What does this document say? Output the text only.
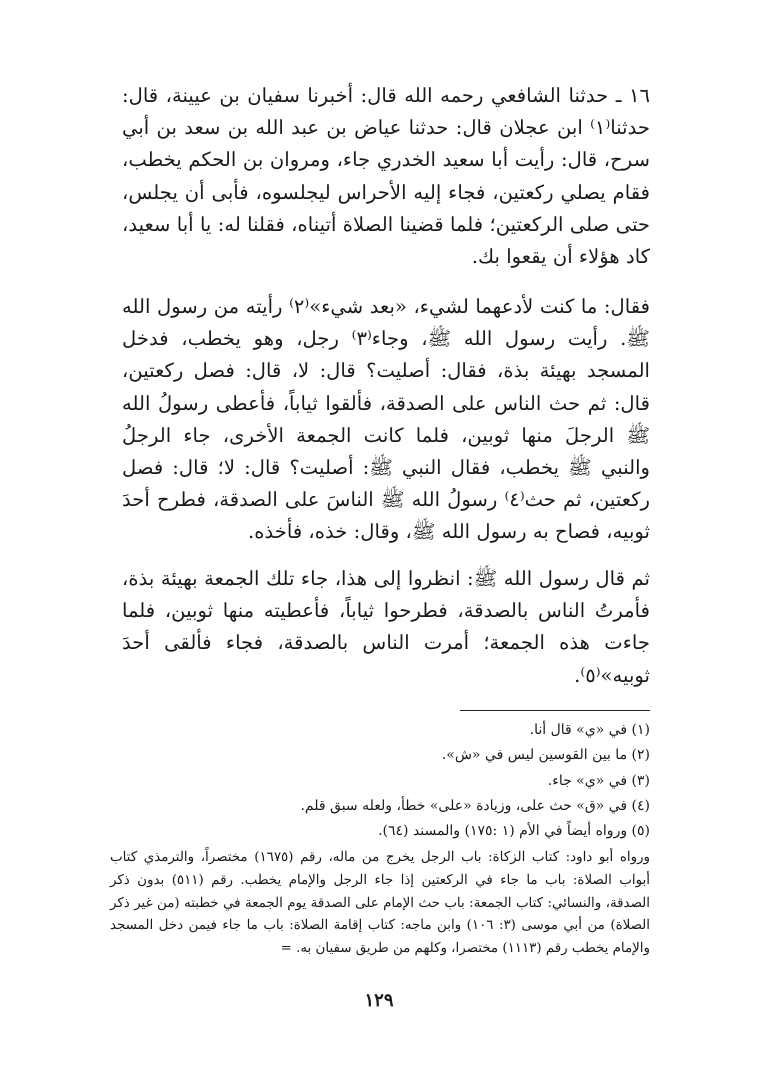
١٦ ـ حدثنا الشافعي رحمه الله قال: أخبرنا سفيان بن عيينة، قال: حدثنا⁽١⁾ ابن عجلان قال: حدثنا عياض بن عبد الله بن سعد بن أبي سرح، قال: رأيت أبا سعيد الخدري جاء، ومروان بن الحكم يخطب، فقام يصلي ركعتين، فجاء إليه الأحراس ليجلسوه، فأبى أن يجلس، حتى صلى الركعتين؛ فلما قضينا الصلاة أتيناه، فقلنا له: يا أبا سعيد، كاد هؤلاء أن يقعوا بك.

فقال: ما كنت لأدعهما لشيء، «بعد شيء»⁽٢⁾ رأيته من رسول الله ﷺ. رأيت رسول الله ﷺ، وجاء⁽٣⁾ رجل، وهو يخطب، فدخل المسجد بهيئة بذة، فقال: أصليت؟ قال: لا، قال: فصل ركعتين، قال: ثم حث الناس على الصدقة، فألقوا ثياباً، فأعطى رسولُ الله ﷺ الرجلَ منها ثوبين، فلما كانت الجمعة الأخرى، جاء الرجلُ والنبي ﷺ يخطب، فقال النبي ﷺ: أصليت؟ قال: لا؛ قال: فصل ركعتين، ثم حث⁽٤⁾ رسولُ الله ﷺ الناسَ على الصدقة، فطرح أحدَ ثوبيه، فصاح به رسول الله ﷺ، وقال: خذه، فأخذه.

ثم قال رسول الله ﷺ: انظروا إلى هذا، جاء تلك الجمعة بهيئة بذة، فأمرتُ الناس بالصدقة، فطرحوا ثياباً، فأعطيته منها ثوبين، فلما جاءت هذه الجمعة؛ أمرت الناس بالصدقة، فجاء فألقى أحدَ ثوبيه»⁽٥⁾.

(١) في «ي» قال أنا.

(٢) ما بين القوسين ليس في «ش».

(٣) في «ي» جاء.

(٤) في «ق» حث على، وزيادة «على» خطأ، ولعله سبق قلم.

(٥) ورواه أيضاً في الأم (١ :١٧٥) والمسند (٦٤).

ورواه أبو داود: كتاب الزكاة: باب الرجل يخرج من ماله، رقم (١٦٧٥) مختصراً، والترمذي كتاب أبواب الصلاة: باب ما جاء في الركعتين إذا جاء الرجل والإمام يخطب. رقم (٥١١) بدون ذكر الصدقة، والنسائي: كتاب الجمعة: باب حث الإمام على الصدقة يوم الجمعة في خطبته (من غير ذكر الصلاة) من أبي موسى (٣: ١٠٦) وابن ماجه: كتاب إقامة الصلاة: باب ما جاء فيمن دخل المسجد والإمام يخطب رقم (١١١٣) مختصرا، وكلهم من طريق سفيان به. =

١٢٩
